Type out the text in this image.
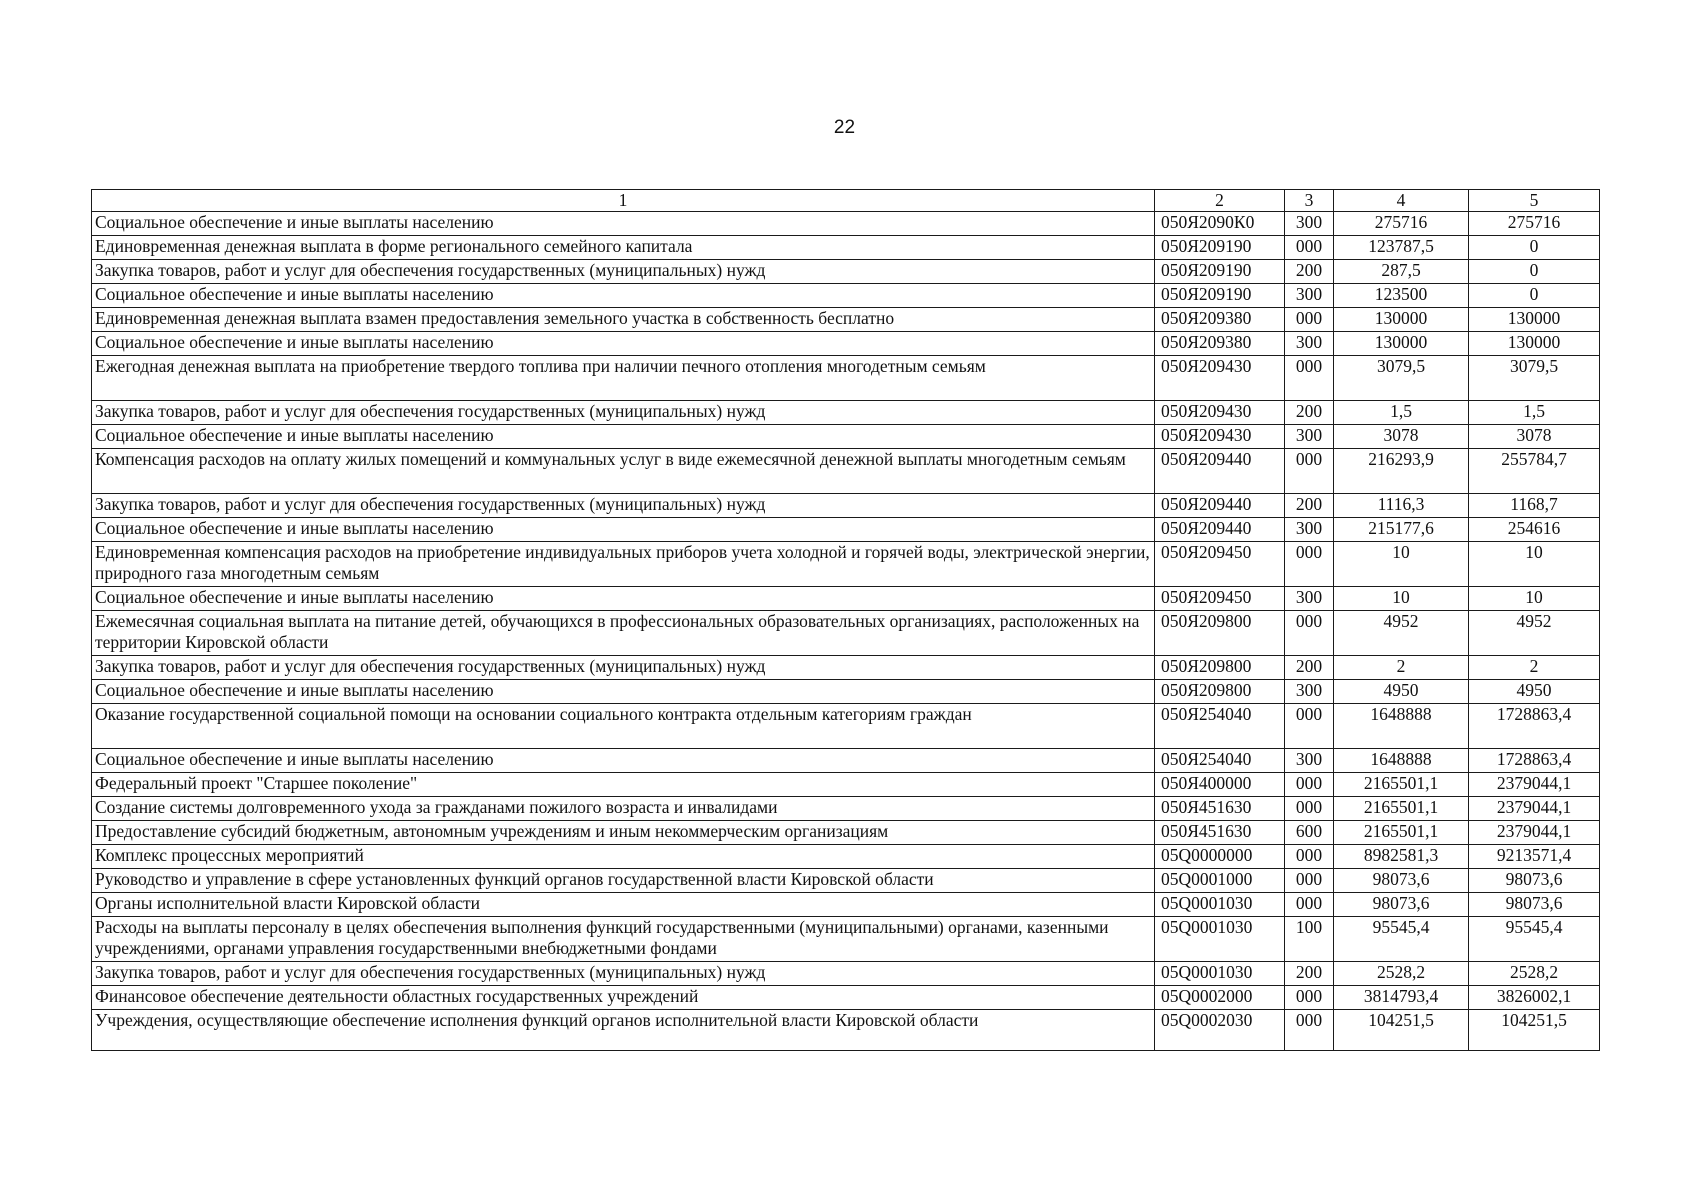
22
1	2	3	4	5
Социальное обеспечение и иные выплаты населению	050Я2090К0	300	275716	275716
Единовременная денежная выплата в форме регионального семейного капитала	050Я209190	000	123787,5	0
Закупка товаров, работ и услуг для обеспечения государственных (муниципальных) нужд	050Я209190	200	287,5	0
Социальное обеспечение и иные выплаты населению	050Я209190	300	123500	0
Единовременная денежная выплата взамен предоставления земельного участка в собственность бесплатно	050Я209380	000	130000	130000
Социальное обеспечение и иные выплаты населению	050Я209380	300	130000	130000
Ежегодная денежная выплата на приобретение твердого топлива при наличии печного отопления многодетным семьям	050Я209430	000	3079,5	3079,5
Закупка товаров, работ и услуг для обеспечения государственных (муниципальных) нужд	050Я209430	200	1,5	1,5
Социальное обеспечение и иные выплаты населению	050Я209430	300	3078	3078
Компенсация расходов на оплату жилых помещений и коммунальных услуг в виде ежемесячной денежной выплаты многодетным семьям	050Я209440	000	216293,9	255784,7
Закупка товаров, работ и услуг для обеспечения государственных (муниципальных) нужд	050Я209440	200	1116,3	1168,7
Социальное обеспечение и иные выплаты населению	050Я209440	300	215177,6	254616
Единовременная компенсация расходов на приобретение индивидуальных приборов учета холодной и горячей воды, электрической энергии, природного газа многодетным семьям	050Я209450	000	10	10
Социальное обеспечение и иные выплаты населению	050Я209450	300	10	10
Ежемесячная социальная выплата на питание детей, обучающихся в профессиональных образовательных организациях, расположенных на территории Кировской области	050Я209800	000	4952	4952
Закупка товаров, работ и услуг для обеспечения государственных (муниципальных) нужд	050Я209800	200	2	2
Социальное обеспечение и иные выплаты населению	050Я209800	300	4950	4950
Оказание государственной социальной помощи на основании социального контракта отдельным категориям граждан	050Я254040	000	1648888	1728863,4
Социальное обеспечение и иные выплаты населению	050Я254040	300	1648888	1728863,4
Федеральный проект "Старшее поколение"	050Я400000	000	2165501,1	2379044,1
Создание системы долговременного ухода за гражданами пожилого возраста и инвалидами	050Я451630	000	2165501,1	2379044,1
Предоставление субсидий бюджетным, автономным учреждениям и иным некоммерческим организациям	050Я451630	600	2165501,1	2379044,1
Комплекс процессных мероприятий	05Q0000000	000	8982581,3	9213571,4
Руководство и управление в сфере установленных функций органов государственной власти Кировской области	05Q0001000	000	98073,6	98073,6
Органы исполнительной власти Кировской области	05Q0001030	000	98073,6	98073,6
Расходы на выплаты персоналу в целях обеспечения выполнения функций государственными (муниципальными) органами, казенными учреждениями, органами управления государственными внебюджетными фондами	05Q0001030	100	95545,4	95545,4
Закупка товаров, работ и услуг для обеспечения государственных (муниципальных) нужд	05Q0001030	200	2528,2	2528,2
Финансовое обеспечение деятельности областных государственных учреждений	05Q0002000	000	3814793,4	3826002,1
Учреждения, осуществляющие обеспечение исполнения функций органов исполнительной власти Кировской области	05Q0002030	000	104251,5	104251,5
